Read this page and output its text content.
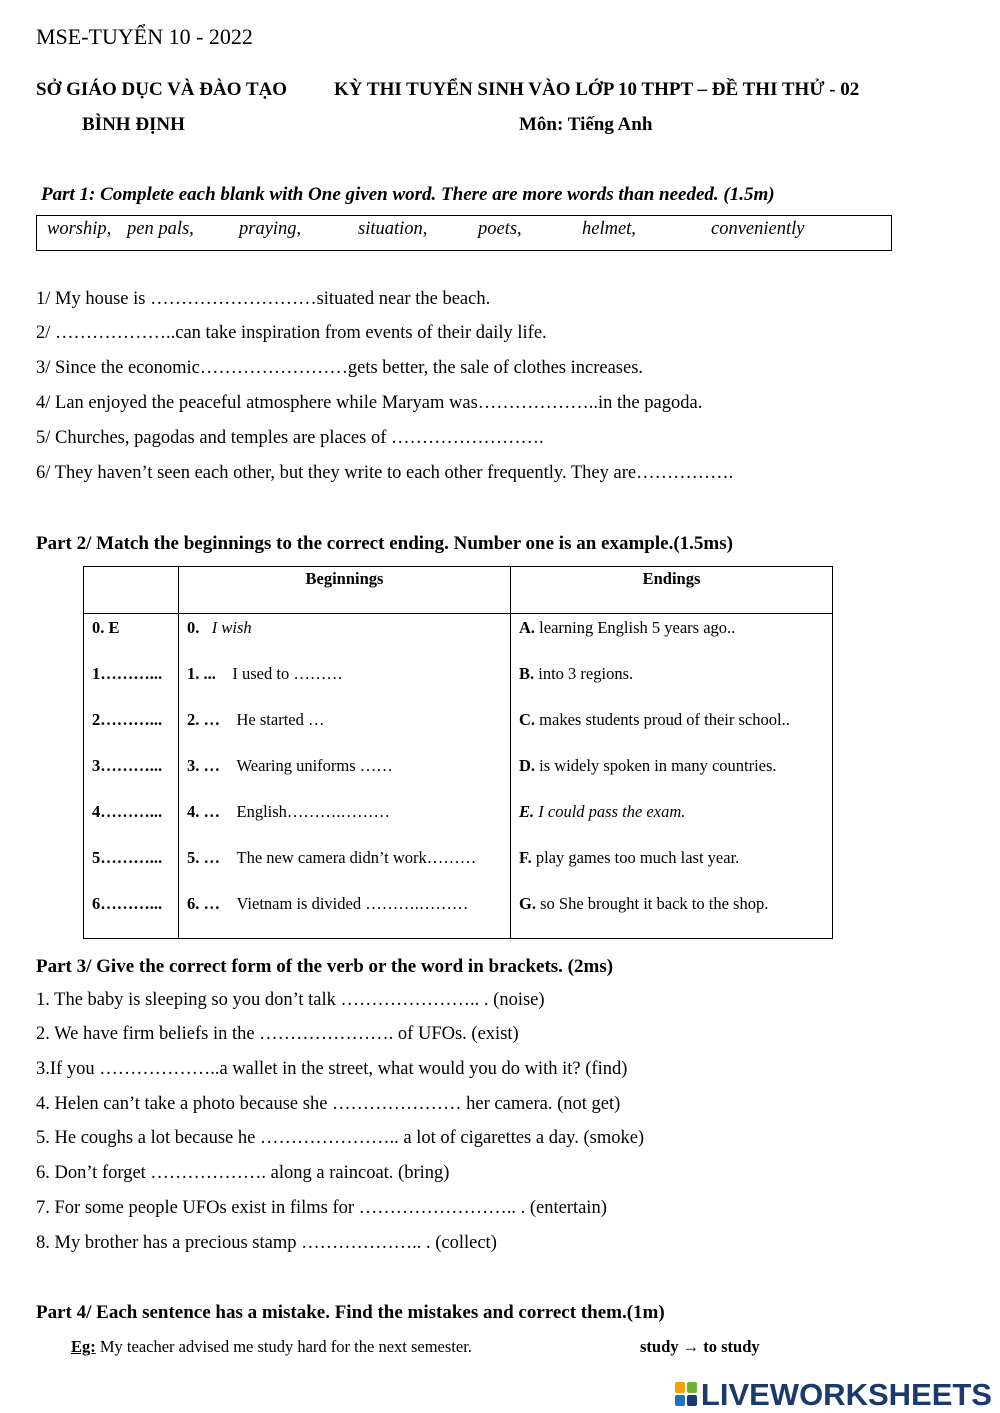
MSE-TUYỂN 10 - 2022
SỞ GIÁO DỤC VÀ ĐÀO TẠO
BÌNH ĐỊNH
KỲ THI TUYỂN SINH VÀO LỚP 10 THPT – ĐỀ THI THỬ - 02
Môn: Tiếng Anh
Part 1: Complete each blank with One given word. There are more words than needed. (1.5m)
worship, pen pals, praying,	situation,	poets,	helmet,	conveniently
1/ My house is ………………………situated near the beach.
2/ ………………..can take inspiration from events of their daily life.
3/ Since the economic……………………gets better, the sale of clothes increases.
4/ Lan enjoyed the peaceful atmosphere while Maryam was………………..in the pagoda.
5/ Churches, pagodas and temples are places of …………………….
6/ They haven’t seen each other, but they write to each other frequently. They are…………….
Part 2/ Match the beginnings to the correct ending. Number one is an example.(1.5ms)
	Beginnings	Endings
0. E	0. I wish	A. learning English 5 years ago..
1………...	1. ... I used to ………	B. into 3 regions.
2………...	2. … He started …	C. makes students proud of their school..
3………...	3. … Wearing uniforms ……	D. is widely spoken in many countries.
4………...	4. … English……….………	E. I could pass the exam.
5………...	5. … The new camera didn’t work………	F. play games too much last year.
6………...	6. … Vietnam is divided ……….………	G. so She brought it back to the shop.
Part 3/ Give the correct form of the verb or the word in brackets. (2ms)
1. The baby is sleeping so you don’t talk ………………….. . (noise)
2. We have firm beliefs in the …………………. of UFOs. (exist)
3.If you ………………..a wallet in the street, what would you do with it? (find)
4. Helen can’t take a photo because she ………………… her camera. (not get)
5. He coughs a lot because he ………………….. a lot of cigarettes a day. (smoke)
6. Don’t forget ………………. along a raincoat. (bring)
7. For some people UFOs exist in films for …………………….. . (entertain)
8. My brother has a precious stamp ……………….. . (collect)
Part 4/ Each sentence has a mistake. Find the mistakes and correct them.(1m)
Eg: My teacher advised me study hard for the next semester.	study → to study
LIVEWORKSHEETS
